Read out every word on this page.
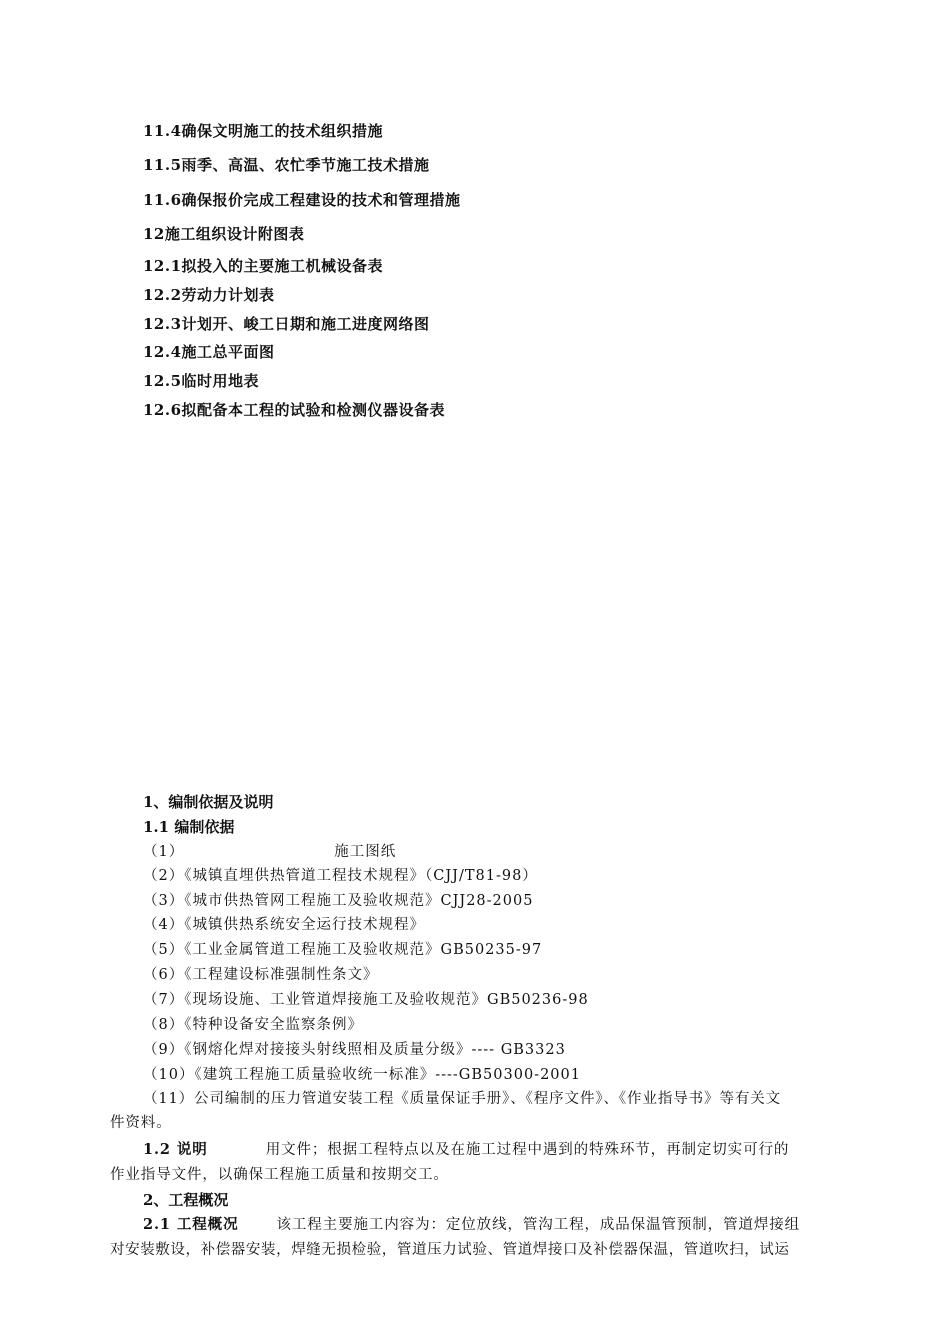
11.4确保文明施工的技术组织措施
11.5雨季、高温、农忙季节施工技术措施
11.6确保报价完成工程建设的技术和管理措施
12施工组织设计附图表
12.1拟投入的主要施工机械设备表
12.2劳动力计划表
12.3计划开、峻工日期和施工进度网络图
12.4施工总平面图
12.5临时用地表
12.6拟配备本工程的试验和检测仪器设备表
1、编制依据及说明
1.1 编制依据
（1）	施工图纸
（2）《城镇直埋供热管道工程技术规程》（CJJ/T81-98）
（3）《城市供热管网工程施工及验收规范》CJJ28-2005
（4）《城镇供热系统安全运行技术规程》
（5）《工业金属管道工程施工及验收规范》GB50235-97
（6）《工程建设标准强制性条文》
（7）《现场设施、工业管道焊接施工及验收规范》GB50236-98
（8）《特种设备安全监察条例》
（9）《钢熔化焊对接接头射线照相及质量分级》---- GB3323
（10）《建筑工程施工质量验收统一标准》----GB50300-2001
（11）公司编制的压力管道安装工程《质量保证手册》、《程序文件》、《作业指导书》等有关文
件资料。
1.2 说明	用文件；根据工程特点以及在施工过程中遇到的特殊环节，再制定切实可行的
作业指导文件，以确保工程施工质量和按期交工。
2、工程概况
2.1 工程概况	该工程主要施工内容为：定位放线，管沟工程，成品保温管预制，管道焊接组
对安装敷设，补偿器安装，焊缝无损检验，管道压力试验、管道焊接口及补偿器保温，管道吹扫，试运
